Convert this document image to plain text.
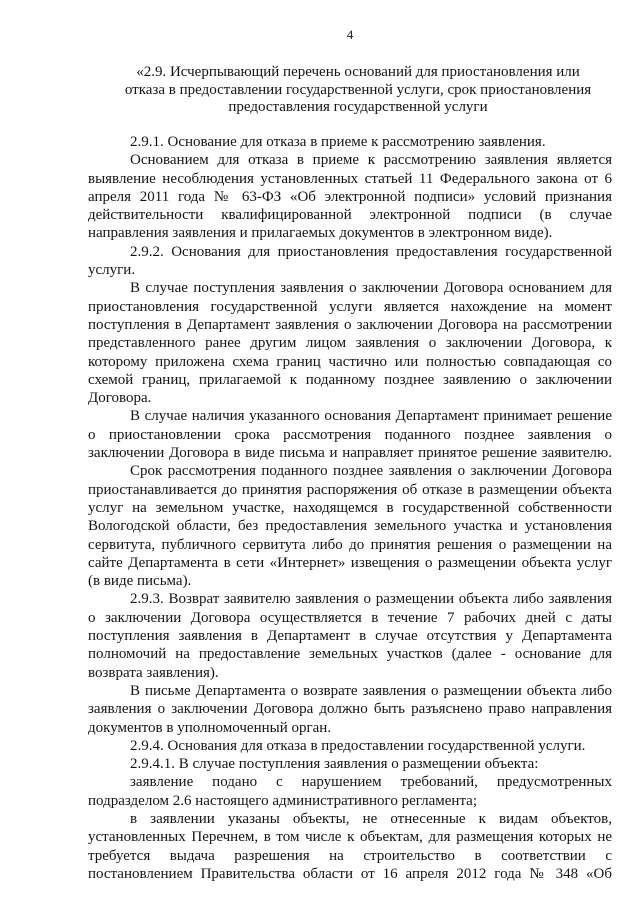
4
«2.9. Исчерпывающий перечень оснований для приостановления или
отказа в предоставлении государственной услуги, срок приостановления
предоставления государственной услуги
2.9.1. Основание для отказа в приеме к рассмотрению заявления.
Основанием для отказа в приеме к рассмотрению заявления является
выявление несоблюдения установленных статьей 11 Федерального закона от 6
апреля 2011 года № 63-ФЗ «Об электронной подписи» условий признания
действительности квалифицированной электронной подписи (в случае
направления заявления и прилагаемых документов в электронном виде).
2.9.2. Основания для приостановления предоставления государственной
услуги.
В случае поступления заявления о заключении Договора основанием для
приостановления государственной услуги является нахождение на момент
поступления в Департамент заявления о заключении Договора на рассмотрении
представленного ранее другим лицом заявления о заключении Договора, к
которому приложена схема границ частично или полностью совпадающая со
схемой границ, прилагаемой к поданному позднее заявлению о заключении
Договора.
В случае наличия указанного основания Департамент принимает решение
о приостановлении срока рассмотрения поданного позднее заявления о
заключении Договора в виде письма и направляет принятое решение заявителю.
Срок рассмотрения поданного позднее заявления о заключении Договора
приостанавливается до принятия распоряжения об отказе в размещении объекта
услуг на земельном участке, находящемся в государственной собственности
Вологодской области, без предоставления земельного участка и установления
сервитута, публичного сервитута либо до принятия решения о размещении на
сайте Департамента в сети «Интернет» извещения о размещении объекта услуг
(в виде письма).
2.9.3. Возврат заявителю заявления о размещении объекта либо заявления
о заключении Договора осуществляется в течение 7 рабочих дней с даты
поступления заявления в Департамент в случае отсутствия у Департамента
полномочий на предоставление земельных участков (далее - основание для
возврата заявления).
В письме Департамента о возврате заявления о размещении объекта либо
заявления о заключении Договора должно быть разъяснено право направления
документов в уполномоченный орган.
2.9.4. Основания для отказа в предоставлении государственной услуги.
2.9.4.1. В случае поступления заявления о размещении объекта:
заявление подано с нарушением требований, предусмотренных
подразделом 2.6 настоящего административного регламента;
в заявлении указаны объекты, не отнесенные к видам объектов,
установленных Перечнем, в том числе к объектам, для размещения которых не
требуется выдача разрешения на строительство в соответствии с
постановлением Правительства области от 16 апреля 2012 года № 348 «Об
